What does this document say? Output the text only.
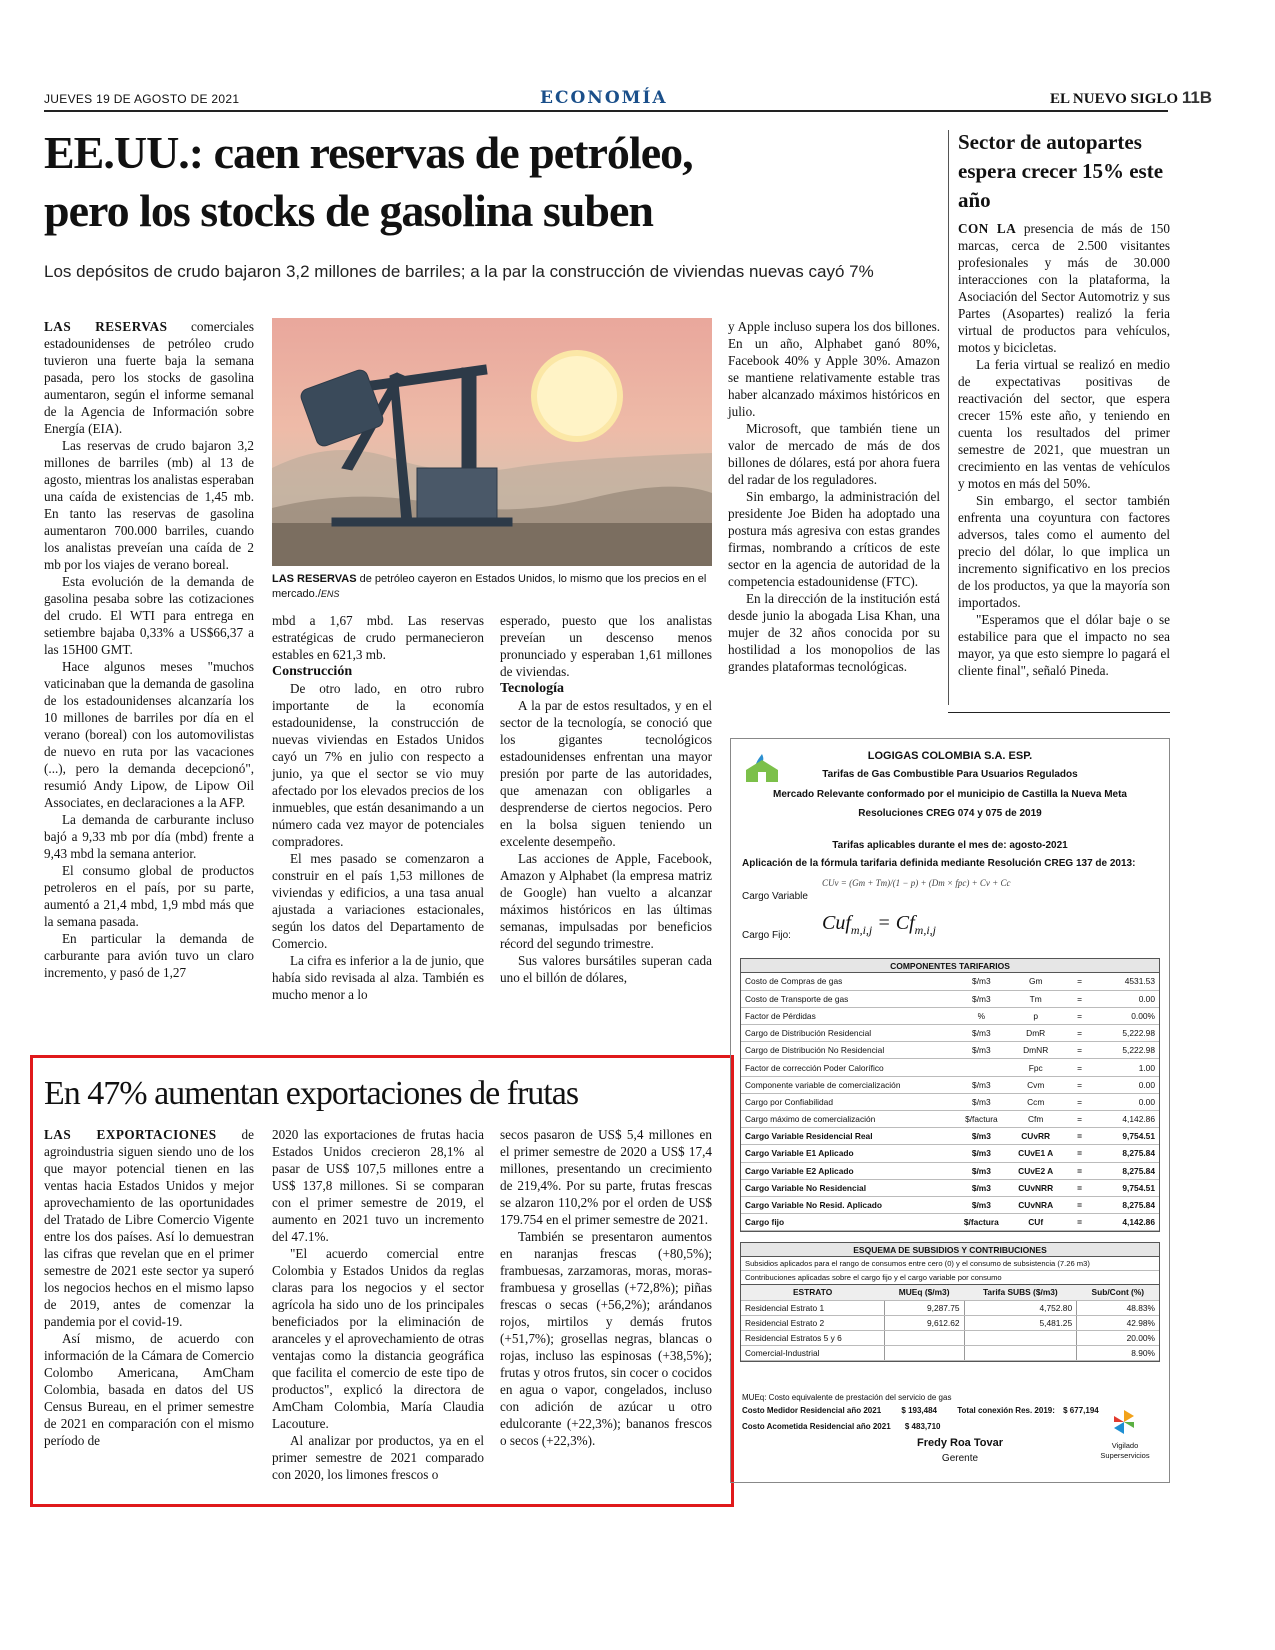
JUEVES 19 DE AGOSTO DE 2021	ECONOMÍA	EL NUEVO SIGLO 11B
EE.UU.: caen reservas de petróleo,
pero los stocks de gasolina suben
Los depósitos de crudo bajaron 3,2 millones de barriles; a la par la construcción de viviendas nuevas cayó 7%

LAS RESERVAS comerciales estadounidenses de petróleo crudo tuvieron una fuerte baja la semana pasada, pero los stocks de gasolina aumentaron, según el informe semanal de la Agencia de Información sobre Energía (EIA).

Las reservas de crudo bajaron 3,2 millones de barriles (mb) al 13 de agosto, mientras los analistas esperaban una caída de existencias de 1,45 mb. En tanto las reservas de gasolina aumentaron 700.000 barriles, cuando los analistas preveían una caída de 2 mb por los viajes de verano boreal.

Esta evolución de la demanda de gasolina pesaba sobre las cotizaciones del crudo. El WTI para entrega en setiembre bajaba 0,33% a US$66,37 a las 15H00 GMT.

Hace algunos meses "muchos vaticinaban que la demanda de gasolina de los estadounidenses alcanzaría los 10 millones de barriles por día en el verano (boreal) con los automovilistas de nuevo en ruta por las vacaciones (...), pero la demanda decepcionó", resumió Andy Lipow, de Lipow Oil Associates, en declaraciones a la AFP.

La demanda de carburante incluso bajó a 9,33 mb por día (mbd) frente a 9,43 mbd la semana anterior.

El consumo global de productos petroleros en el país, por su parte, aumentó a 21,4 mbd, 1,9 mbd más que la semana pasada.

En particular la demanda de carburante para avión tuvo un claro incremento, y pasó de 1,27

LAS RESERVAS de petróleo cayeron en Estados Unidos, lo mismo que los precios en el mercado./ENS

mbd a 1,67 mbd. Las reservas estratégicas de crudo permanecieron estables en 621,3 mb.

Construcción

De otro lado, en otro rubro importante de la economía estadounidense, la construcción de nuevas viviendas en Estados Unidos cayó un 7% en julio con respecto a junio, ya que el sector se vio muy afectado por los elevados precios de los inmuebles, que están desanimando a un número cada vez mayor de potenciales compradores.

El mes pasado se comenzaron a construir en el país 1,53 millones de viviendas y edificios, a una tasa anual ajustada a variaciones estacionales, según los datos del Departamento de Comercio.

La cifra es inferior a la de junio, que había sido revisada al alza. También es mucho menor a lo

esperado, puesto que los analistas preveían un descenso menos pronunciado y esperaban 1,61 millones de viviendas.

Tecnología

A la par de estos resultados, y en el sector de la tecnología, se conoció que los gigantes tecnológicos estadounidenses enfrentan una mayor presión por parte de las autoridades, que amenazan con obligarles a desprenderse de ciertos negocios. Pero en la bolsa siguen teniendo un excelente desempeño.

Las acciones de Apple, Facebook, Amazon y Alphabet (la empresa matriz de Google) han vuelto a alcanzar máximos históricos en las últimas semanas, impulsadas por beneficios récord del segundo trimestre.

Sus valores bursátiles superan cada uno el billón de dólares,

y Apple incluso supera los dos billones. En un año, Alphabet ganó 80%, Facebook 40% y Apple 30%. Amazon se mantiene relativamente estable tras haber alcanzado máximos históricos en julio.

Microsoft, que también tiene un valor de mercado de más de dos billones de dólares, está por ahora fuera del radar de los reguladores.

Sin embargo, la administración del presidente Joe Biden ha adoptado una postura más agresiva con estas grandes firmas, nombrando a críticos de este sector en la agencia de autoridad de la competencia estadounidense (FTC).

En la dirección de la institución está desde junio la abogada Lisa Khan, una mujer de 32 años conocida por su hostilidad a los monopolios de las grandes plataformas tecnológicas.

Sector de autopartes espera crecer 15% este año

CON LA presencia de más de 150 marcas, cerca de 2.500 visitantes profesionales y más de 30.000 interacciones con la plataforma, la Asociación del Sector Automotriz y sus Partes (Asopartes) realizó la feria virtual de productos para vehículos, motos y bicicletas.

La feria virtual se realizó en medio de expectativas positivas de reactivación del sector, que espera crecer 15% este año, y teniendo en cuenta los resultados del primer semestre de 2021, que muestran un crecimiento en las ventas de vehículos y motos en más del 50%.

Sin embargo, el sector también enfrenta una coyuntura con factores adversos, tales como el aumento del precio del dólar, lo que implica un incremento significativo en los precios de los productos, ya que la mayoría son importados.

"Esperamos que el dólar baje o se estabilice para que el impacto no sea mayor, ya que esto siempre lo pagará el cliente final", señaló Pineda.

En 47% aumentan exportaciones de frutas

LAS EXPORTACIONES de agroindustria siguen siendo uno de los que mayor potencial tienen en las ventas hacia Estados Unidos y mejor aprovechamiento de las oportunidades del Tratado de Libre Comercio Vigente entre los dos países. Así lo demuestran las cifras que revelan que en el primer semestre de 2021 este sector ya superó los negocios hechos en el mismo lapso de 2019, antes de comenzar la pandemia por el covid-19.

Así mismo, de acuerdo con información de la Cámara de Comercio Colombo Americana, AmCham Colombia, basada en datos del US Census Bureau, en el primer semestre de 2021 en comparación con el mismo período de

2020 las exportaciones de frutas hacia Estados Unidos crecieron 28,1% al pasar de US$ 107,5 millones entre a US$ 137,8 millones. Si se comparan con el primer semestre de 2019, el aumento en 2021 tuvo un incremento del 47.1%.

"El acuerdo comercial entre Colombia y Estados Unidos da reglas claras para los negocios y el sector agrícola ha sido uno de los principales beneficiados por la eliminación de aranceles y el aprovechamiento de otras ventajas como la distancia geográfica que facilita el comercio de este tipo de productos", explicó la directora de AmCham Colombia, María Claudia Lacouture.

Al analizar por productos, ya en el primer semestre de 2021 comparado con 2020, los limones frescos o

secos pasaron de US$ 5,4 millones en el primer semestre de 2020 a US$ 17,4 millones, presentando un crecimiento de 219,4%. Por su parte, frutas frescas se alzaron 110,2% por el orden de US$ 179.754 en el primer semestre de 2021.

También se presentaron aumentos en naranjas frescas (+80,5%); frambuesas, zarzamoras, moras, moras-frambuesa y grosellas (+72,8%); piñas frescas o secas (+56,2%); arándanos rojos, mirtilos y demás frutos (+51,7%); grosellas negras, blancas o rojas, incluso las espinosas (+38,5%); frutas y otros frutos, sin cocer o cocidos en agua o vapor, congelados, incluso con adición de azúcar u otro edulcorante (+22,3%); bananos frescos o secos (+22,3%).

LOGIGAS COLOMBIA S.A. ESP.
Tarifas de Gas Combustible Para Usuarios Regulados
Mercado Relevante conformado por el municipio de Castilla la Nueva Meta
Resoluciones CREG 074 y 075 de 2019
Tarifas aplicables durante el mes de: agosto-2021
Aplicación de la fórmula tarifaria definida mediante Resolución CREG 137 de 2013:
Cargo Variable
CUv = (Gm + Tm)/(1 − p) + (Dm × fpc) + Cv + Cc
Cargo Fijo:
$Cuf_{m,i,j} = Cf_{m,i,j}$
COMPONENTES TARIFARIOS
Costo de Compras de gas	$/m3	Gm	=	4531.53
Costo de Transporte de gas	$/m3	Tm	=	0.00
Factor de Pérdidas	%	p	=	0.00%
Cargo de Distribución Residencial	$/m3	DmR	=	5,222.98
Cargo de Distribución No Residencial	$/m3	DmNR	=	5,222.98
Factor de corrección Poder Calorífico		Fpc	=	1.00
Componente variable de comercialización	$/m3	Cvm	=	0.00
Cargo por Confiabilidad	$/m3	Ccm	=	0.00
Cargo máximo de comercialización	$/factura	Cfm	=	4,142.86
Cargo Variable Residencial Real	$/m3	CUvRR	=	9,754.51
Cargo Variable E1 Aplicado	$/m3	CUvE1 A	=	8,275.84
Cargo Variable E2 Aplicado	$/m3	CUvE2 A	=	8,275.84
Cargo Variable No Residencial	$/m3	CUvNRR	=	9,754.51
Cargo Variable No Resid. Aplicado	$/m3	CUvNRA	=	8,275.84
Cargo fijo	$/factura	CUf	=	4,142.86
ESQUEMA DE SUBSIDIOS Y CONTRIBUCIONES
Subsidios aplicados para el rango de consumos entre cero (0) y el consumo de subsistencia (7.26 m3)
Contribuciones aplicadas sobre el cargo fijo y el cargo variable por consumo
ESTRATO	MUEq ($/m3)	Tarifa SUBS ($/m3)	Sub/Cont (%)
Residencial Estrato 1	9,287.75	4,752.80	48.83%
Residencial Estrato 2	9,612.62	5,481.25	42.98%
Residencial Estratos 5 y 6			20.00%
Comercial-Industrial			8.90%
MUEq: Costo equivalente de prestación del servicio de gas
Costo Medidor Residencial año 2021	$ 193,484	Total conexión Res. 2019: $ 677,194
Costo Acometida Residencial año 2021 $ 483,710
Fredy Roa Tovar
Gerente
Vigilado
Superservicios
